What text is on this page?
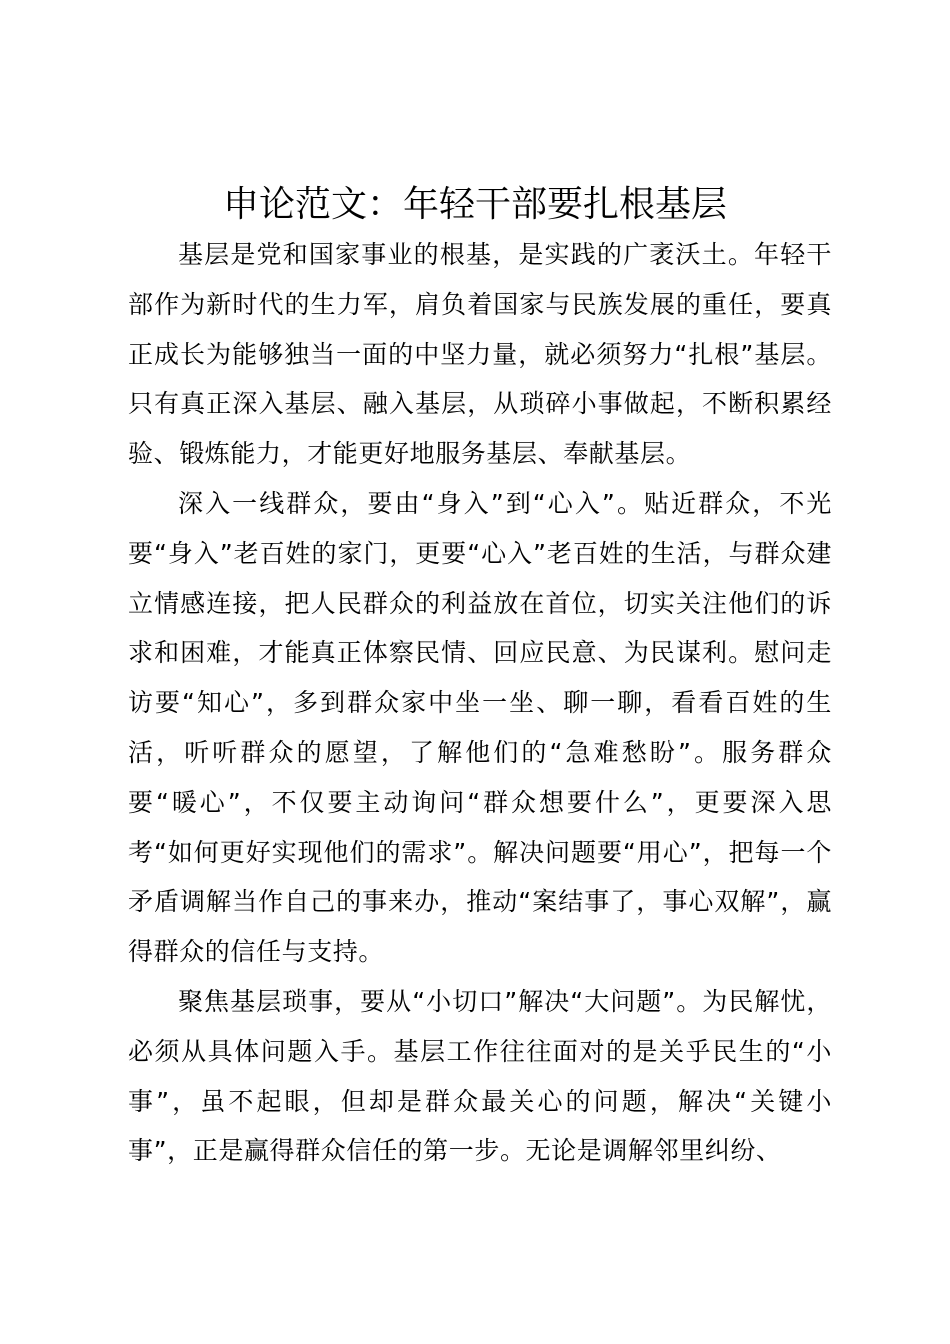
申论范文：年轻干部要扎根基层

基层是党和国家事业的根基，是实践的广袤沃土。年轻干部作为新时代的生力军，肩负着国家与民族发展的重任，要真正成长为能够独当一面的中坚力量，就必须努力“扎根”基层。只有真正深入基层、融入基层，从琐碎小事做起，不断积累经验、锻炼能力，才能更好地服务基层、奉献基层。

深入一线群众，要由“身入”到“心入”。贴近群众，不光要“身入”老百姓的家门，更要“心入”老百姓的生活，与群众建立情感连接，把人民群众的利益放在首位，切实关注他们的诉求和困难，才能真正体察民情、回应民意、为民谋利。慰问走访要“知心”，多到群众家中坐一坐、聊一聊，看看百姓的生活，听听群众的愿望，了解他们的“急难愁盼”。服务群众要“暖心”，不仅要主动询问“群众想要什么”，更要深入思考“如何更好实现他们的需求”。解决问题要“用心”，把每一个矛盾调解当作自己的事来办，推动“案结事了，事心双解”，赢得群众的信任与支持。

聚焦基层琐事，要从“小切口”解决“大问题”。为民解忧，必须从具体问题入手。基层工作往往面对的是关乎民生的“小事”，虽不起眼，但却是群众最关心的问题，解决“关键小事”，正是赢得群众信任的第一步。无论是调解邻里纠纷、
